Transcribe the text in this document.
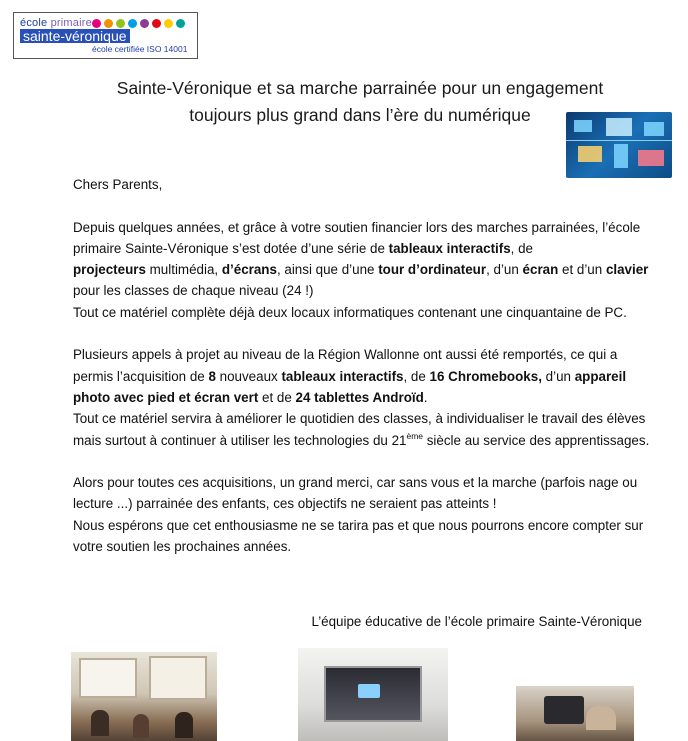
école primaire
sainte-véronique
école certifiée ISO 14001
Sainte-Véronique et sa marche parrainée pour un engagement
toujours plus grand dans l’ère du numérique

Chers Parents,

Depuis quelques années, et grâce à votre soutien financier lors des marches parrainées, l’école primaire Sainte-Véronique s’est dotée d’une série de tableaux interactifs, de
projecteurs multimédia, d’écrans, ainsi que d’une tour d’ordinateur, d’un écran et d’un clavier pour les classes de chaque niveau (24 !)

Tout ce matériel complète déjà deux locaux informatiques contenant une cinquantaine de PC.

Plusieurs appels à projet au niveau de la Région Wallonne ont aussi été remportés, ce qui a permis l’acquisition de 8 nouveaux tableaux interactifs, de 16 Chromebooks, d’un appareil photo avec pied et écran vert et de 24 tablettes Androïd.

Tout ce matériel servira à améliorer le quotidien des classes, à individualiser le travail des élèves mais surtout à continuer à utiliser les technologies du 21ème siècle au service des apprentissages.

Alors pour toutes ces acquisitions, un grand merci, car sans vous et la marche (parfois nage ou lecture ...) parrainée des enfants, ces objectifs ne seraient pas atteints !

Nous espérons que cet enthousiasme ne se tarira pas et que nous pourrons encore compter sur votre soutien les prochaines années.

L’équipe éducative de l’école primaire Sainte-Véronique
